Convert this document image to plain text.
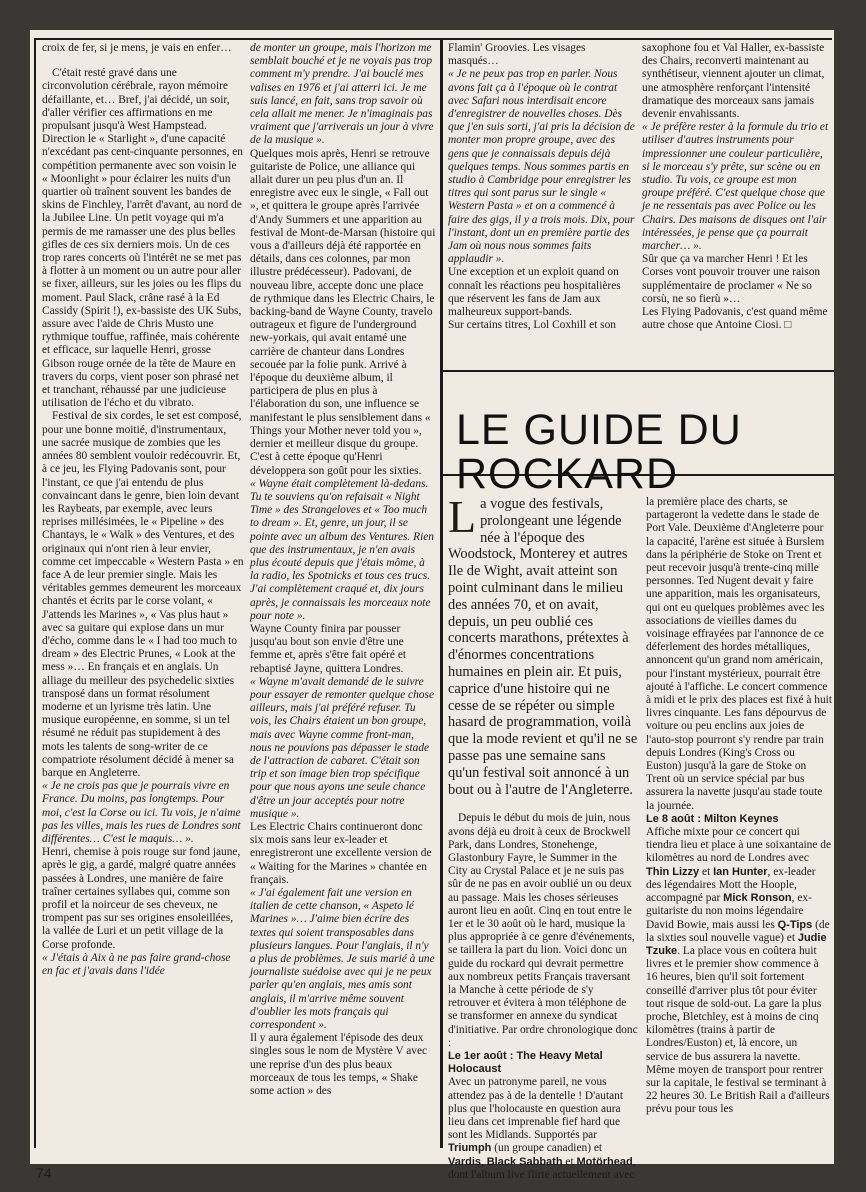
croix de fer, si je mens, je vais en enfer…

C'était resté gravé dans une circonvolution cérébrale, rayon mémoire défaillante, et… Bref, j'ai décidé, un soir, d'aller vérifier ces affirmations en me propulsant jusqu'à West Hampstead. Direction le « Starlight », d'une capacité n'excédant pas cent-cinquante personnes, en compétition permanente avec son voisin le « Moonlight » pour éclairer les nuits d'un quartier où traînent souvent les bandes de skins de Finchley, l'arrêt d'avant, au nord de la Jubilee Line. Un petit voyage qui m'a permis de me ramasser une des plus belles gifles de ces six derniers mois. Un de ces trop rares concerts où l'intérêt ne se met pas à flotter à un moment ou un autre pour aller se fixer, ailleurs, sur les joies ou les flips du moment. Paul Slack, crâne rasé à la Ed Cassidy (Spirit !), ex-bassiste des UK Subs, assure avec l'aide de Chris Musto une rythmique touffue, raffinée, mais cohérente et efficace, sur laquelle Henri, grosse Gibson rouge ornée de la tête de Maure en travers du corps, vient poser son phrasé net et tranchant, réhaussé par une judicieuse utilisation de l'écho et du vibrato.

Festival de six cordes, le set est composé, pour une bonne moitié, d'instrumentaux, une sacrée musique de zombies que les années 80 semblent vouloir redécouvrir. Et, à ce jeu, les Flying Padovanis sont, pour l'instant, ce que j'ai entendu de plus convaincant dans le genre, bien loin devant les Raybeats, par exemple, avec leurs reprises millésimées, le « Pipeline » des Chantays, le « Walk » des Ventures, et des originaux qui n'ont rien à leur envier, comme cet impeccable « Western Pasta » en face A de leur premier single. Mais les véritables gemmes demeurent les morceaux chantés et écrits par le corse volant, « J'attends les Marines », « Vas plus haut » avec sa guitare qui explose dans un mur d'écho, comme dans le « I had too much to dream » des Electric Prunes, « Look at the mess »… En français et en anglais. Un alliage du meilleur des psychedelic sixties transposé dans un format résolument moderne et un lyrisme très latin. Une musique européenne, en somme, si un tel résumé ne réduit pas stupidement à des mots les talents de song-writer de ce compatriote résolument décidé à mener sa barque en Angleterre.

« Je ne crois pas que je pourrais vivre en France. Du moins, pas longtemps. Pour moi, c'est la Corse ou ici. Tu vois, je n'aime pas les villes, mais les rues de Londres sont différentes… C'est le maquis… ».

Henri, chemise à pois rouge sur fond jaune, après le gig, a gardé, malgré quatre années passées à Londres, une manière de faire traîner certaines syllabes qui, comme son profil et la noirceur de ses cheveux, ne trompent pas sur ses origines ensoleillées, la vallée de Luri et un petit village de la Corse profonde.

« J'étais à Aix à ne pas faire grand-chose en fac et j'avais dans l'idée

de monter un groupe, mais l'horizon me semblait bouché et je ne voyais pas trop comment m'y prendre. J'ai bouclé mes valises en 1976 et j'ai atterri ici. Je me suis lancé, en fait, sans trop savoir où cela allait me mener. Je n'imaginais pas vraiment que j'arriverais un jour à vivre de la musique ».

Quelques mois après, Henri se retrouve guitariste de Police, une alliance qui allait durer un peu plus d'un an. Il enregistre avec eux le single, « Fall out », et quittera le groupe après l'arrivée d'Andy Summers et une apparition au festival de Mont-de-Marsan (histoire qui vous a d'ailleurs déjà été rapportée en détails, dans ces colonnes, par mon illustre prédécesseur). Padovani, de nouveau libre, accepte donc une place de rythmique dans les Electric Chairs, le backing-band de Wayne County, travelo outrageux et figure de l'underground new-yorkais, qui avait entamé une carrière de chanteur dans Londres secouée par la folie punk. Arrivé à l'époque du deuxième album, il participera de plus en plus à l'élaboration du son, une influence se manifestant le plus sensiblement dans « Things your Mother never told you », dernier et meilleur disque du groupe. C'est à cette époque qu'Henri développera son goût pour les sixties.

« Wayne était complètement là-dedans. Tu te souviens qu'on refaisait « Night Time » des Strangeloves et « Too much to dream ». Et, genre, un jour, il se pointe avec un album des Ventures. Rien que des instrumentaux, je n'en avais plus écouté depuis que j'étais môme, à la radio, les Spotnicks et tous ces trucs. J'ai complètement craqué et, dix jours après, je connaissais les morceaux note pour note ».

Wayne County finira par pousser jusqu'au bout son envie d'être une femme et, après s'être fait opéré et rebaptisé Jayne, quittera Londres.

« Wayne m'avait demandé de le suivre pour essayer de remonter quelque chose ailleurs, mais j'ai préféré refuser. Tu vois, les Chairs étaient un bon groupe, mais avec Wayne comme front-man, nous ne pouvions pas dépasser le stade de l'attraction de cabaret. C'était son trip et son image bien trop spécifique pour que nous ayons une seule chance d'être un jour acceptés pour notre musique ».

Les Electric Chairs continueront donc six mois sans leur ex-leader et enregistreront une excellente version de « Waiting for the Marines » chantée en français.

« J'ai également fait une version en italien de cette chanson, « Aspeto lé Marines »… J'aime bien écrire des textes qui soient transposables dans plusieurs langues. Pour l'anglais, il n'y a plus de problèmes. Je suis marié à une journaliste suédoise avec qui je ne peux parler qu'en anglais, mes amis sont anglais, il m'arrive même souvent d'oublier les mots français qui correspondent ».

Il y aura également l'épisode des deux singles sous le nom de Mystère V avec une reprise d'un des plus beaux morceaux de tous les temps, « Shake some action » des

Flamin' Groovies. Les visages masqués…

« Je ne peux pas trop en parler. Nous avons fait ça à l'époque où le contrat avec Safari nous interdisait encore d'enregistrer de nouvelles choses. Dès que j'en suis sorti, j'ai pris la décision de monter mon propre groupe, avec des gens que je connaissais depuis déjà quelques temps. Nous sommes partis en studio à Cambridge pour enregistrer les titres qui sont parus sur le single « Western Pasta » et on a commencé à faire des gigs, il y a trois mois. Dix, pour l'instant, dont un en première partie des Jam où nous nous sommes faits applaudir ».

Une exception et un exploit quand on connaît les réactions peu hospitalières que réservent les fans de Jam aux malheureux support-bands.

Sur certains titres, Lol Coxhill et son

saxophone fou et Val Haller, ex-bassiste des Chairs, reconverti maintenant au synthétiseur, viennent ajouter un climat, une atmosphère renforçant l'intensité dramatique des morceaux sans jamais devenir envahissants.

« Je préfère rester à la formule du trio et utiliser d'autres instruments pour impressionner une couleur particulière, si le morceau s'y prête, sur scène ou en studio. Tu vois, ce groupe est mon groupe préféré. C'est quelque chose que je ne ressentais pas avec Police ou les Chairs. Des maisons de disques ont l'air intéressées, je pense que ça pourrait marcher… ».

Sûr que ça va marcher Henri ! Et les Corses vont pouvoir trouver une raison supplémentaire de proclamer « Ne so corsù, ne so fierù »…

Les Flying Padovanis, c'est quand même autre chose que Antoine Ciosi. □

LE GUIDE DU
ROCKARD

La vogue des festivals, prolongeant une légende née à l'époque des Woodstock, Monterey et autres Ile de Wight, avait atteint son point culminant dans le milieu des années 70, et on avait, depuis, un peu oublié ces concerts marathons, prétextes à d'énormes concentrations humaines en plein air. Et puis, caprice d'une histoire qui ne cesse de se répéter ou simple hasard de programmation, voilà que la mode revient et qu'il ne se passe pas une semaine sans qu'un festival soit annoncé à un bout ou à l'autre de l'Angleterre.

Depuis le début du mois de juin, nous avons déjà eu droit à ceux de Brockwell Park, dans Londres, Stonehenge, Glastonbury Fayre, le Summer in the City au Crystal Palace et je ne suis pas sûr de ne pas en avoir oublié un ou deux au passage. Mais les choses sérieuses auront lieu en août. Cinq en tout entre le 1er et le 30 août où le hard, musique la plus appropriée à ce genre d'événements, se taillera la part du lion. Voici donc un guide du rockard qui devrait permettre aux nombreux petits Français traversant la Manche à cette période de s'y retrouver et évitera à mon téléphone de se transformer en annexe du syndicat d'initiative. Par ordre chronologique donc :

Le 1er août : The Heavy Metal Holocaust

Avec un patronyme pareil, ne vous attendez pas à de la dentelle ! D'autant plus que l'holocauste en question aura lieu dans cet imprenable fief hard que sont les Midlands. Supportés par Triumph (un groupe canadien) et Vardis, Black Sabbath et Motörhead, dont l'album live flirte actuellement avec

la première place des charts, se partageront la vedette dans le stade de Port Vale. Deuxième d'Angleterre pour la capacité, l'arène est située à Burslem dans la périphérie de Stoke on Trent et peut recevoir jusqu'à trente-cinq mille personnes. Ted Nugent devait y faire une apparition, mais les organisateurs, qui ont eu quelques problèmes avec les associations de vieilles dames du voisinage effrayées par l'annonce de ce déferlement des hordes métalliques, annoncent qu'un grand nom américain, pour l'instant mystérieux, pourrait être ajouté à l'affiche. Le concert commence à midi et le prix des places est fixé à huit livres cinquante. Les fans dépourvus de voiture ou peu enclins aux joies de l'auto-stop pourront s'y rendre par train depuis Londres (King's Cross ou Euston) jusqu'à la gare de Stoke on Trent où un service spécial par bus assurera la navette jusqu'au stade toute la journée.

Le 8 août : Milton Keynes

Affiche mixte pour ce concert qui tiendra lieu et place à une soixantaine de kilomètres au nord de Londres avec Thin Lizzy et Ian Hunter, ex-leader des légendaires Mott the Hoople, accompagné par Mick Ronson, ex-guitariste du non moins légendaire David Bowie, mais aussi les Q-Tips (de la sixties soul nouvelle vague) et Judie Tzuke. La place vous en coûtera huit livres et le premier show commence à 16 heures, bien qu'il soit fortement conseillé d'arriver plus tôt pour éviter tout risque de sold-out. La gare la plus proche, Bletchley, est à moins de cinq kilomètres (trains à partir de Londres/Euston) et, là encore, un service de bus assurera la navette. Même moyen de transport pour rentrer sur la capitale, le festival se terminant à 22 heures 30. Le British Rail a d'ailleurs prévu pour tous les

74
